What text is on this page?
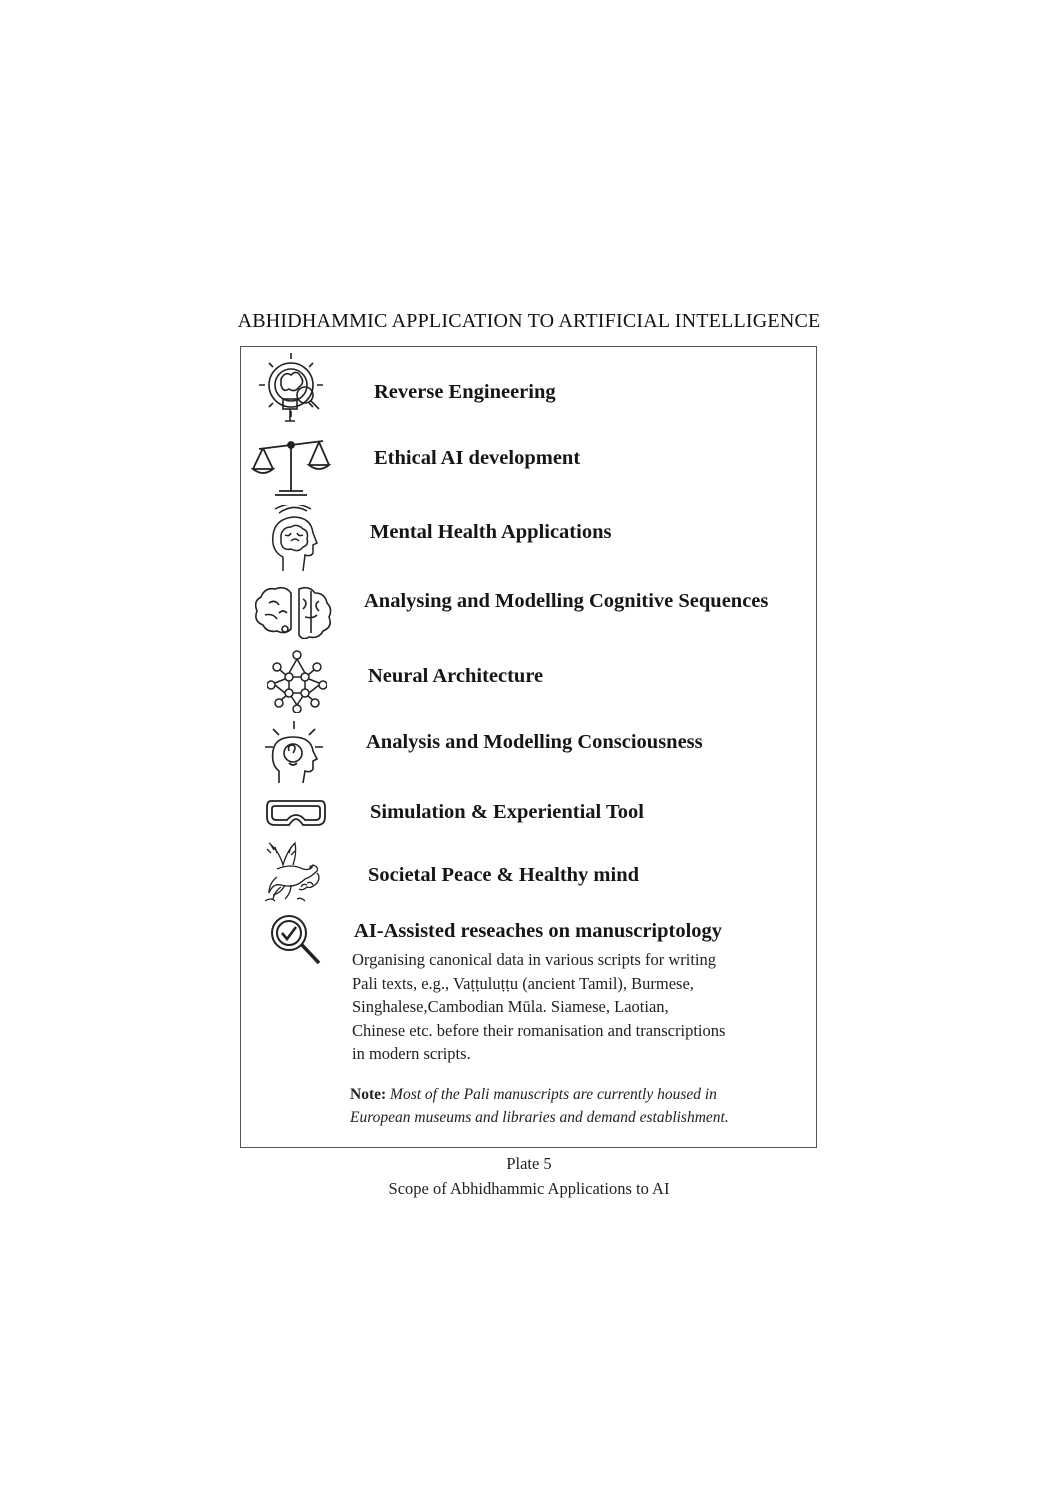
ABHIDHAMMIC APPLICATION TO ARTIFICIAL INTELLIGENCE
Reverse Engineering
Ethical AI development
Mental Health Applications
Analysing and Modelling Cognitive Sequences
Neural Architecture
Analysis and Modelling Consciousness
Simulation & Experiential Tool
Societal Peace & Healthy mind
AI-Assisted reseaches on manuscriptology
Organising canonical data in various scripts for writing
Pali texts, e.g., Vaṭṭuluṭṭu (ancient Tamil), Burmese,
Singhalese,Cambodian Mūla. Siamese, Laotian,
Chinese etc. before their romanisation and transcriptions
in modern scripts.
Note: Most of the Pali manuscripts are currently housed in
European museums and libraries and demand establishment.
Plate 5
Scope of Abhidhammic Applications to AI
